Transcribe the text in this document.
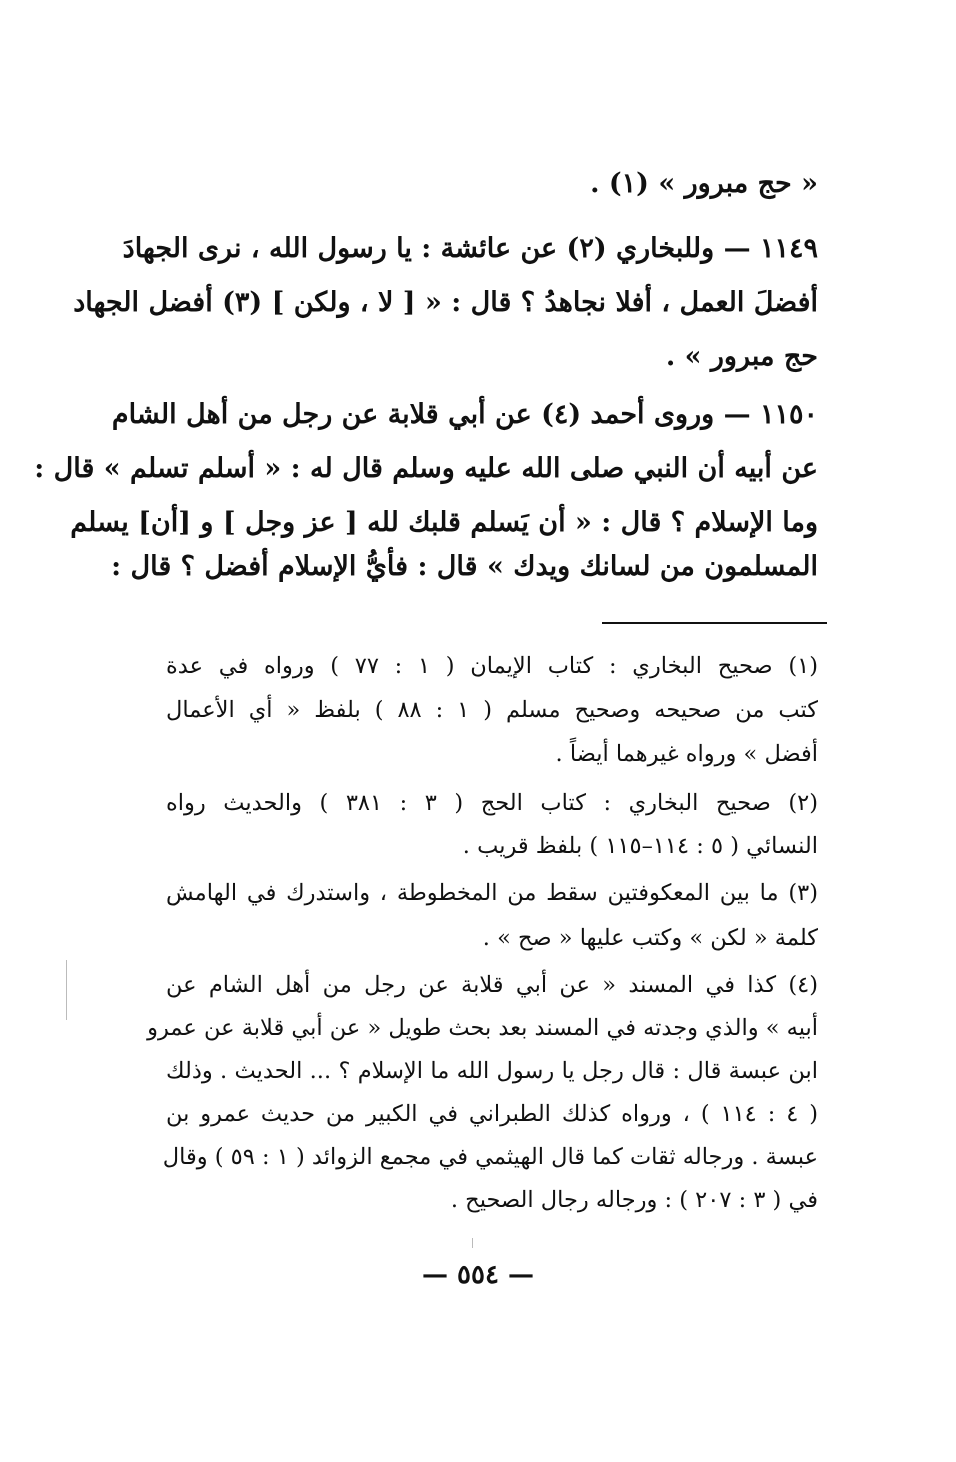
« حج مبرور » (١) .
١١٤٩ — وللبخاري (٢) عن عائشة : يا رسول الله ، نرى الجهادَ
أفضلَ العمل ، أفلا نجاهدُ ؟ قال : « [ لا ، ولكن ] (٣) أفضل الجهاد
حج مبرور » .
١١٥٠ — وروى أحمد (٤) عن أبي قلابة عن رجل من أهل الشام
عن أبيه أن النبي صلى الله عليه وسلم قال له : « أسلم تسلم » قال :
وما الإسلام ؟ قال : « أن يَسلم قلبك لله [ عز وجل ] و [أن] يسلم
المسلمون من لسانك ويدك » قال : فأيُّ الإسلام أفضل ؟ قال :
(١) صحيح البخاري : كتاب الإيمان ( ١ : ٧٧ ) ورواه في عدة
كتب من صحيحه وصحيح مسلم ( ١ : ٨٨ ) بلفظ « أي الأعمال
أفضل » ورواه غيرهما أيضاً .
(٢) صحيح البخاري : كتاب الحج ( ٣ : ٣٨١ ) والحديث رواه
النسائي ( ٥ : ١١٤–١١٥ ) بلفظ قريب .
(٣) ما بين المعكوفتين سقط من المخطوطة ، واستدرك في الهامش
كلمة « لكن » وكتب عليها « صح » .
(٤) كذا في المسند « عن أبي قلابة عن رجل من أهل الشام عن
أبيه » والذي وجدته في المسند بعد بحث طويل « عن أبي قلابة عن عمرو
ابن عبسة قال : قال رجل يا رسول الله ما الإسلام ؟ ... الحديث . وذلك
( ٤ : ١١٤ ) ، ورواه كذلك الطبراني في الكبير من حديث عمرو بن
عبسة . ورجاله ثقات كما قال الهيثمي في مجمع الزوائد ( ١ : ٥٩ ) وقال
في ( ٣ : ٢٠٧ ) : ورجاله رجال الصحيح .
— ٥٥٤ —
